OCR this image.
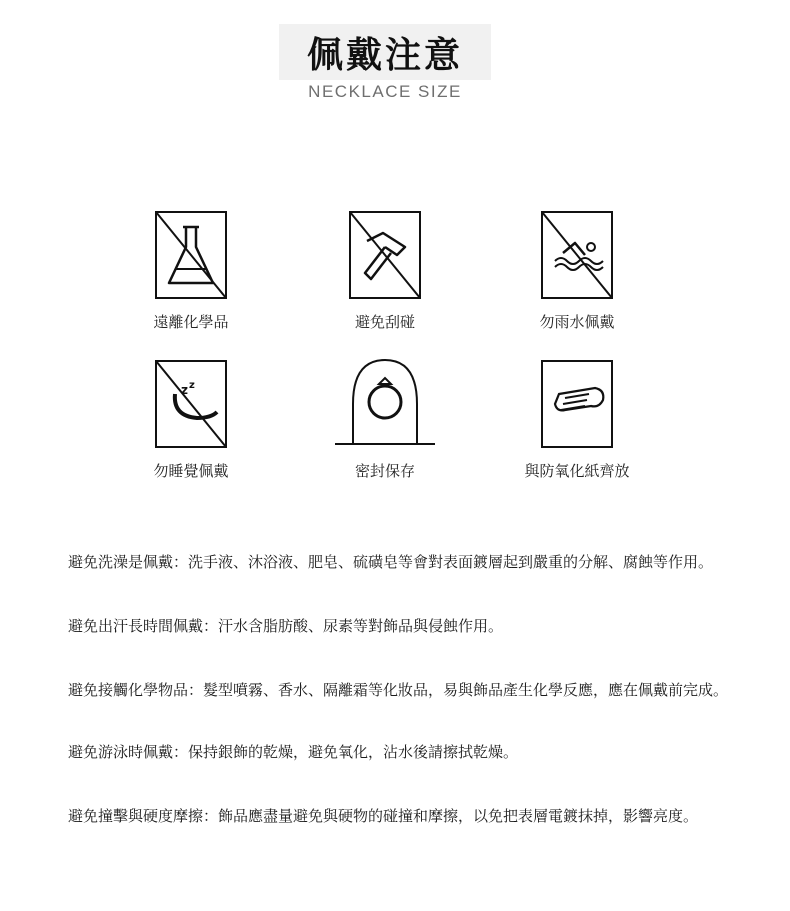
佩戴注意
NECKLACE SIZE
遠離化學品	避免刮碰	勿雨水佩戴
z z
勿睡覺佩戴	密封保存	與防氧化紙齊放
避免洗澡是佩戴：洗手液、沐浴液、肥皂、硫磺皂等會對表面鍍層起到嚴重的分解、腐蝕等作用。
避免出汗長時間佩戴：汗水含脂肪酸、尿素等對飾品與侵蝕作用。
避免接觸化學物品：髮型噴霧、香水、隔離霜等化妝品，易與飾品產生化學反應，應在佩戴前完成。
避免游泳時佩戴：保持銀飾的乾燥，避免氧化，沾水後請擦拭乾燥。
避免撞擊與硬度摩擦：飾品應盡量避免與硬物的碰撞和摩擦，以免把表層電鍍抹掉，影響亮度。
